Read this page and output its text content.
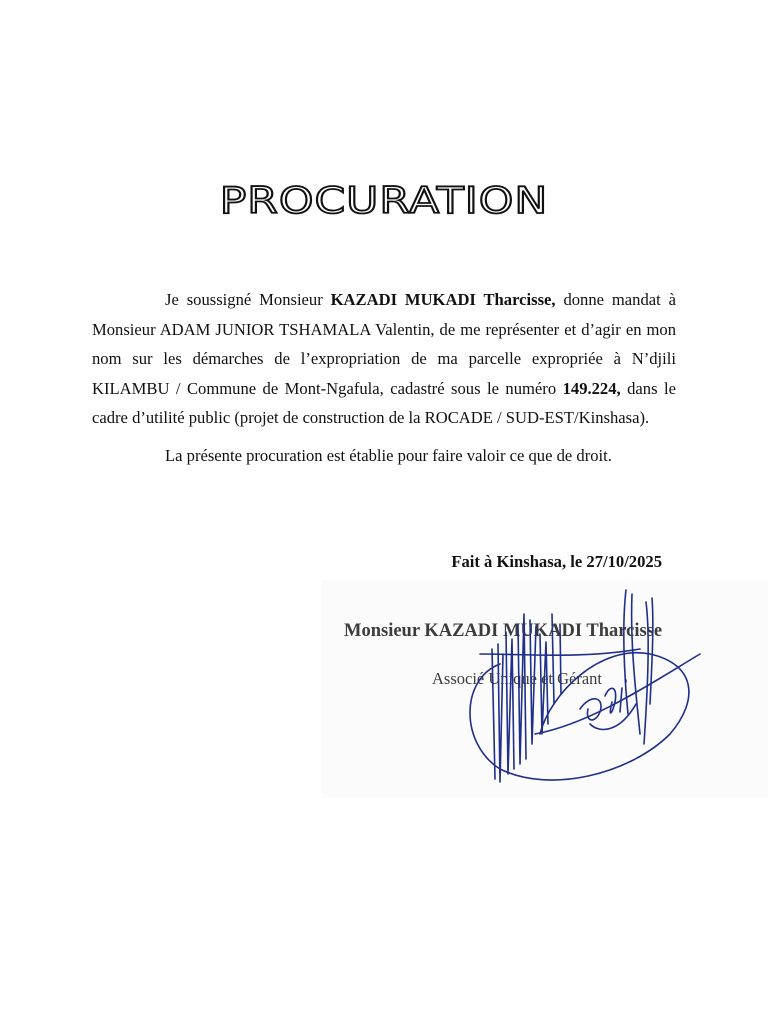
PROCURATION

Je soussigné Monsieur KAZADI MUKADI Tharcisse, donne mandat à Monsieur ADAM JUNIOR TSHAMALA Valentin, de me représenter et d’agir en mon nom sur les démarches de l’expropriation de ma parcelle expropriée à N’djili KILAMBU / Commune de Mont-Ngafula, cadastré sous le numéro 149.224, dans le cadre d’utilité public (projet de construction de la ROCADE / SUD-EST/Kinshasa).

La présente procuration est établie pour faire valoir ce que de droit.

Fait à Kinshasa, le 27/10/2025
Monsieur KAZADI MUKADI Tharcisse
Associé Unique et Gérant
